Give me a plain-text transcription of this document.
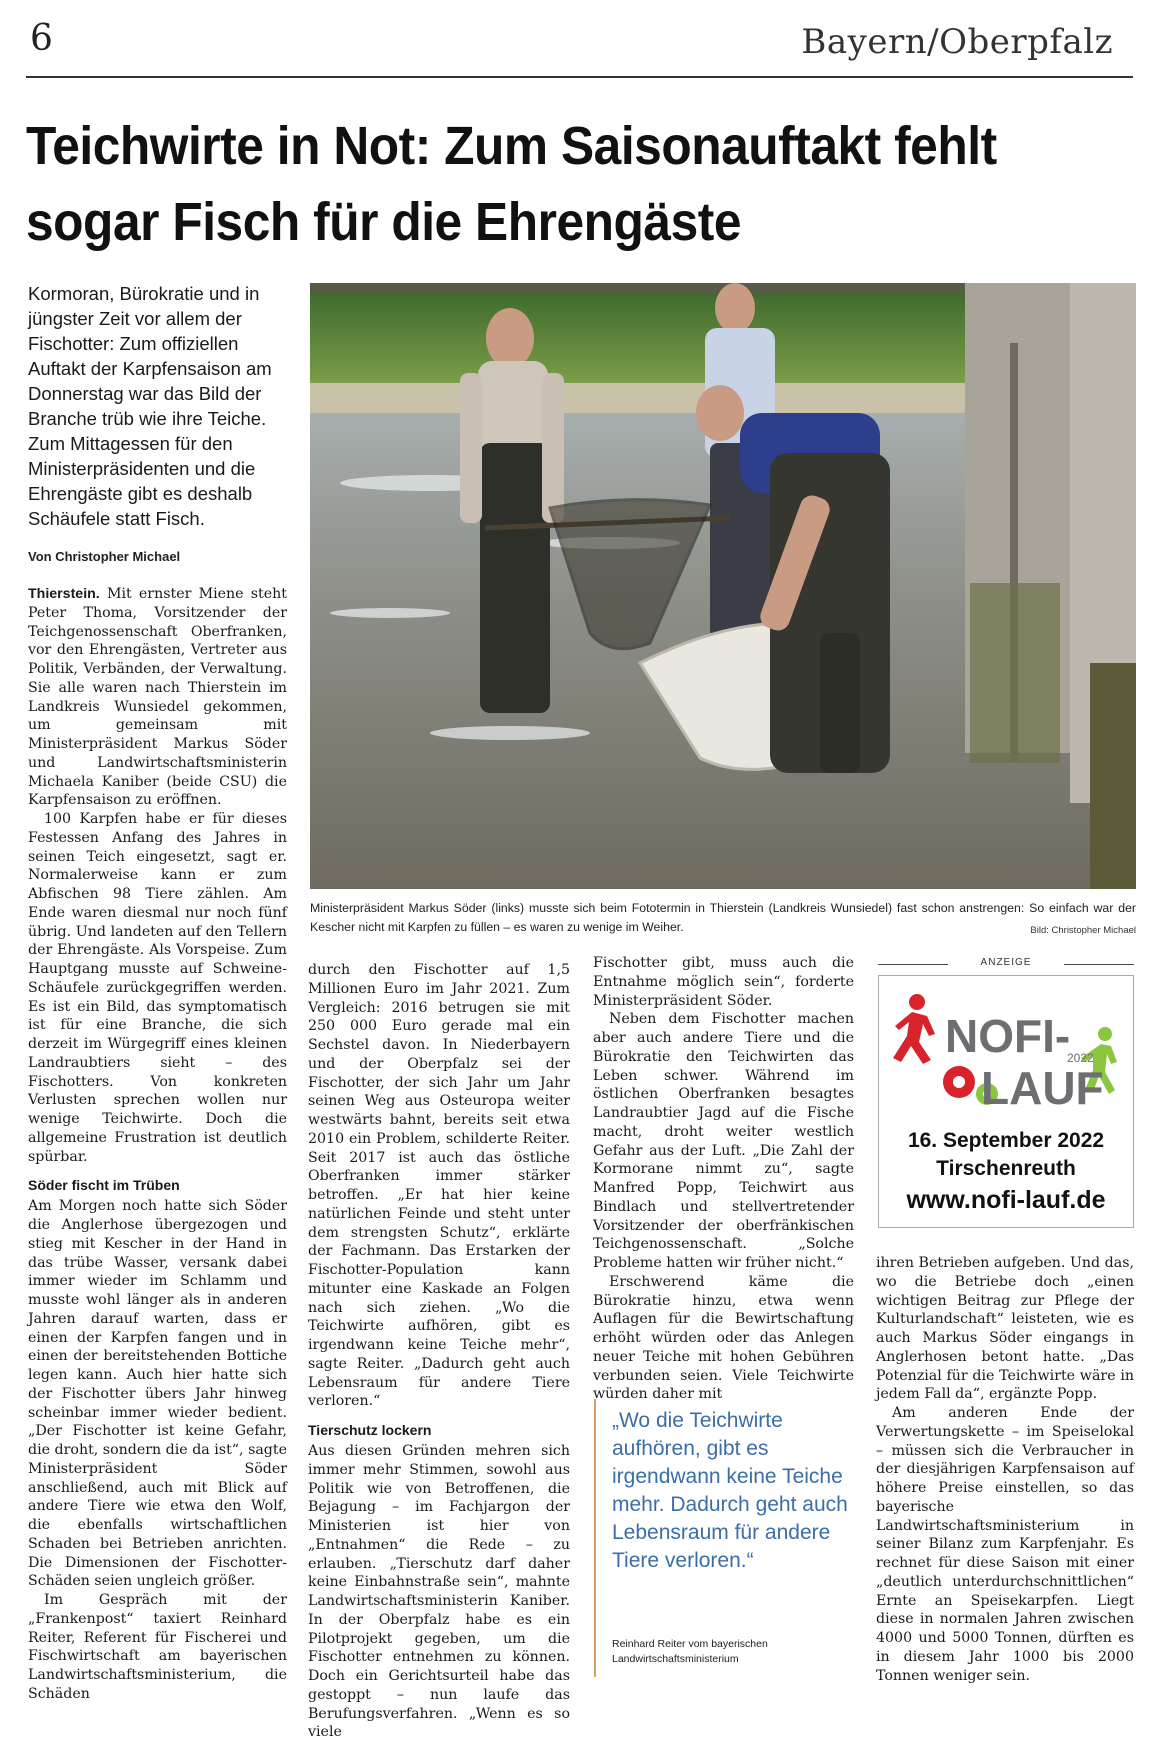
6	Bayern/Oberpfalz
Teichwirte in Not: Zum Saisonauftakt fehlt sogar Fisch für die Ehrengäste
Kormoran, Bürokratie und in jüngster Zeit vor allem der Fischotter: Zum offiziellen Auftakt der Karpfensaison am Donnerstag war das Bild der Branche trüb wie ihre Teiche. Zum Mittagessen für den Ministerpräsidenten und die Ehrengäste gibt es deshalb Schäufele statt Fisch.
Von Christopher Michael
Ministerpräsident Markus Söder (links) musste sich beim Fototermin in Thierstein (Landkreis Wunsiedel) fast schon anstrengen: So einfach war der Kescher nicht mit Karpfen zu füllen – es waren zu wenige im Weiher.	Bild: Christopher Michael

Thierstein. Mit ernster Miene steht Peter Thoma, Vorsitzender der Teichgenossenschaft Oberfranken, vor den Ehrengästen, Vertreter aus Politik, Verbänden, der Verwaltung. Sie alle waren nach Thierstein im Landkreis Wunsiedel gekommen, um gemeinsam mit Ministerpräsident Markus Söder und Landwirtschaftsministerin Michaela Kaniber (beide CSU) die Karpfensaison zu eröffnen.

100 Karpfen habe er für dieses Festessen Anfang des Jahres in seinen Teich eingesetzt, sagt er. Normalerweise kann er zum Abfischen 98 Tiere zählen. Am Ende waren diesmal nur noch fünf übrig. Und landeten auf den Tellern der Ehrengäste. Als Vorspeise. Zum Hauptgang musste auf Schweine-Schäufele zurückgegriffen werden. Es ist ein Bild, das symptomatisch ist für eine Branche, die sich derzeit im Würgegriff eines kleinen Landraubtiers sieht – des Fischotters. Von konkreten Verlusten sprechen wollen nur wenige Teichwirte. Doch die allgemeine Frustration ist deutlich spürbar.

Söder fischt im Trüben

Am Morgen noch hatte sich Söder die Anglerhose übergezogen und stieg mit Kescher in der Hand in das trübe Wasser, versank dabei immer wieder im Schlamm und musste wohl länger als in anderen Jahren darauf warten, dass er einen der Karpfen fangen und in einen der bereitstehenden Bottiche legen kann. Auch hier hatte sich der Fischotter übers Jahr hinweg scheinbar immer wieder bedient. „Der Fischotter ist keine Gefahr, die droht, sondern die da ist“, sagte Ministerpräsident Söder anschließend, auch mit Blick auf andere Tiere wie etwa den Wolf, die ebenfalls wirtschaftlichen Schaden bei Betrieben anrichten. Die Dimensionen der Fischotter-Schäden seien ungleich größer.

Im Gespräch mit der „Frankenpost“ taxiert Reinhard Reiter, Referent für Fischerei und Fischwirtschaft am bayerischen Landwirtschaftsministerium, die Schäden

durch den Fischotter auf 1,5 Millionen Euro im Jahr 2021. Zum Vergleich: 2016 betrugen sie mit 250 000 Euro gerade mal ein Sechstel davon. In Niederbayern und der Oberpfalz sei der Fischotter, der sich Jahr um Jahr seinen Weg aus Osteuropa weiter westwärts bahnt, bereits seit etwa 2010 ein Problem, schilderte Reiter. Seit 2017 ist auch das östliche Oberfranken immer stärker betroffen. „Er hat hier keine natürlichen Feinde und steht unter dem strengsten Schutz“, erklärte der Fachmann. Das Erstarken der Fischotter-Population kann mitunter eine Kaskade an Folgen nach sich ziehen. „Wo die Teichwirte aufhören, gibt es irgendwann keine Teiche mehr“, sagte Reiter. „Dadurch geht auch Lebensraum für andere Tiere verloren.“

Tierschutz lockern

Aus diesen Gründen mehren sich immer mehr Stimmen, sowohl aus Politik wie von Betroffenen, die Bejagung – im Fachjargon der Ministerien ist hier von „Entnahmen“ die Rede – zu erlauben. „Tierschutz darf daher keine Einbahnstraße sein“, mahnte Landwirtschaftsministerin Kaniber. In der Oberpfalz habe es ein Pilotprojekt gegeben, um die Fischotter entnehmen zu können. Doch ein Gerichtsurteil habe das gestoppt – nun laufe das Berufungsverfahren. „Wenn es so viele

Fischotter gibt, muss auch die Entnahme möglich sein“, forderte Ministerpräsident Söder.

Neben dem Fischotter machen aber auch andere Tiere und die Bürokratie den Teichwirten das Leben schwer. Während im östlichen Oberfranken besagtes Landraubtier Jagd auf die Fische macht, droht weiter westlich Gefahr aus der Luft. „Die Zahl der Kormorane nimmt zu“, sagte Manfred Popp, Teichwirt aus Bindlach und stellvertretender Vorsitzender der oberfränkischen Teichgenossenschaft. „Solche Probleme hatten wir früher nicht.“

Erschwerend käme die Bürokratie hinzu, etwa wenn Auflagen für die Bewirtschaftung erhöht würden oder das Anlegen neuer Teiche mit hohen Gebühren verbunden seien. Viele Teichwirte würden daher mit

ihren Betrieben aufgeben. Und das, wo die Betriebe doch „einen wichtigen Beitrag zur Pflege der Kulturlandschaft“ leisteten, wie es auch Markus Söder eingangs in Anglerhosen betont hatte. „Das Potenzial für die Teichwirte wäre in jedem Fall da“, ergänzte Popp.

Am anderen Ende der Verwertungskette – im Speiselokal – müssen sich die Verbraucher in der diesjährigen Karpfensaison auf höhere Preise einstellen, so das bayerische Landwirtschaftsministerium in seiner Bilanz zum Karpfenjahr. Es rechnet für diese Saison mit einer „deutlich unterdurchschnittlichen“ Ernte an Speisekarpfen. Liegt diese in normalen Jahren zwischen 4000 und 5000 Tonnen, dürften es in diesem Jahr 1000 bis 2000 Tonnen weniger sein.

ANZEIGE
NOFI-
LAUF
2022
16. September 2022
Tirschenreuth
www.nofi-lauf.de
„Wo die Teichwirte aufhören, gibt es irgendwann keine Teiche mehr. Dadurch geht auch Lebensraum für andere Tiere verloren.“
Reinhard Reiter vom bayerischen Landwirtschaftsministerium
